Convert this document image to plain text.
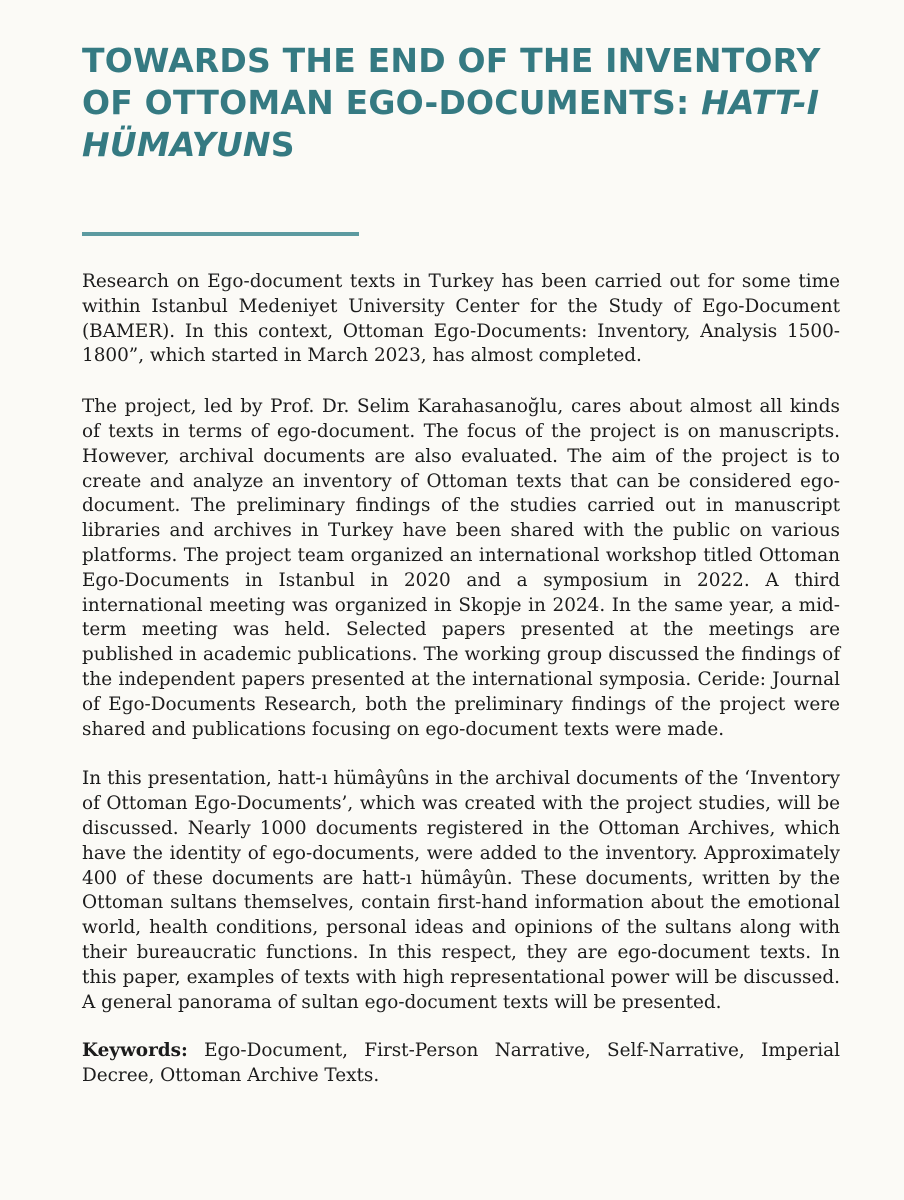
TOWARDS THE END OF THE INVENTORY
OF OTTOMAN EGO-DOCUMENTS: HATT-I
HÜMAYUNS

Research on Ego-document texts in Turkey has been carried out for some time within Istanbul Medeniyet University Center for the Study of Ego-Document (BAMER). In this context, Ottoman Ego-Documents: Inventory, Analysis 1500-1800”, which started in March 2023, has almost completed.

The project, led by Prof. Dr. Selim Karahasanoğlu, cares about almost all kinds of texts in terms of ego-document. The focus of the project is on manuscripts. However, archival documents are also evaluated. The aim of the project is to create and analyze an inventory of Ottoman texts that can be considered ego-document. The preliminary findings of the studies carried out in manuscript libraries and archives in Turkey have been shared with the public on various platforms. The project team organized an international workshop titled Ottoman Ego-Documents in Istanbul in 2020 and a symposium in 2022. A third international meeting was organized in Skopje in 2024. In the same year, a mid-term meeting was held. Selected papers presented at the meetings are published in academic publications. The working group discussed the findings of the independent papers presented at the international symposia. Ceride: Journal of Ego-Documents Research, both the preliminary findings of the project were shared and publications focusing on ego-document texts were made.

In this presentation, hatt-ı hümâyûns in the archival documents of the ‘Inventory of Ottoman Ego-Documents’, which was created with the project studies, will be discussed. Nearly 1000 documents registered in the Ottoman Archives, which have the identity of ego-documents, were added to the inventory. Approximately 400 of these documents are hatt-ı hümâyûn. These documents, written by the Ottoman sultans themselves, contain first-hand information about the emotional world, health conditions, personal ideas and opinions of the sultans along with their bureaucratic functions. In this respect, they are ego-document texts. In this paper, examples of texts with high representational power will be discussed. A general panorama of sultan ego-document texts will be presented.

Keywords: Ego-Document, First-Person Narrative, Self-Narrative, Imperial Decree, Ottoman Archive Texts.
